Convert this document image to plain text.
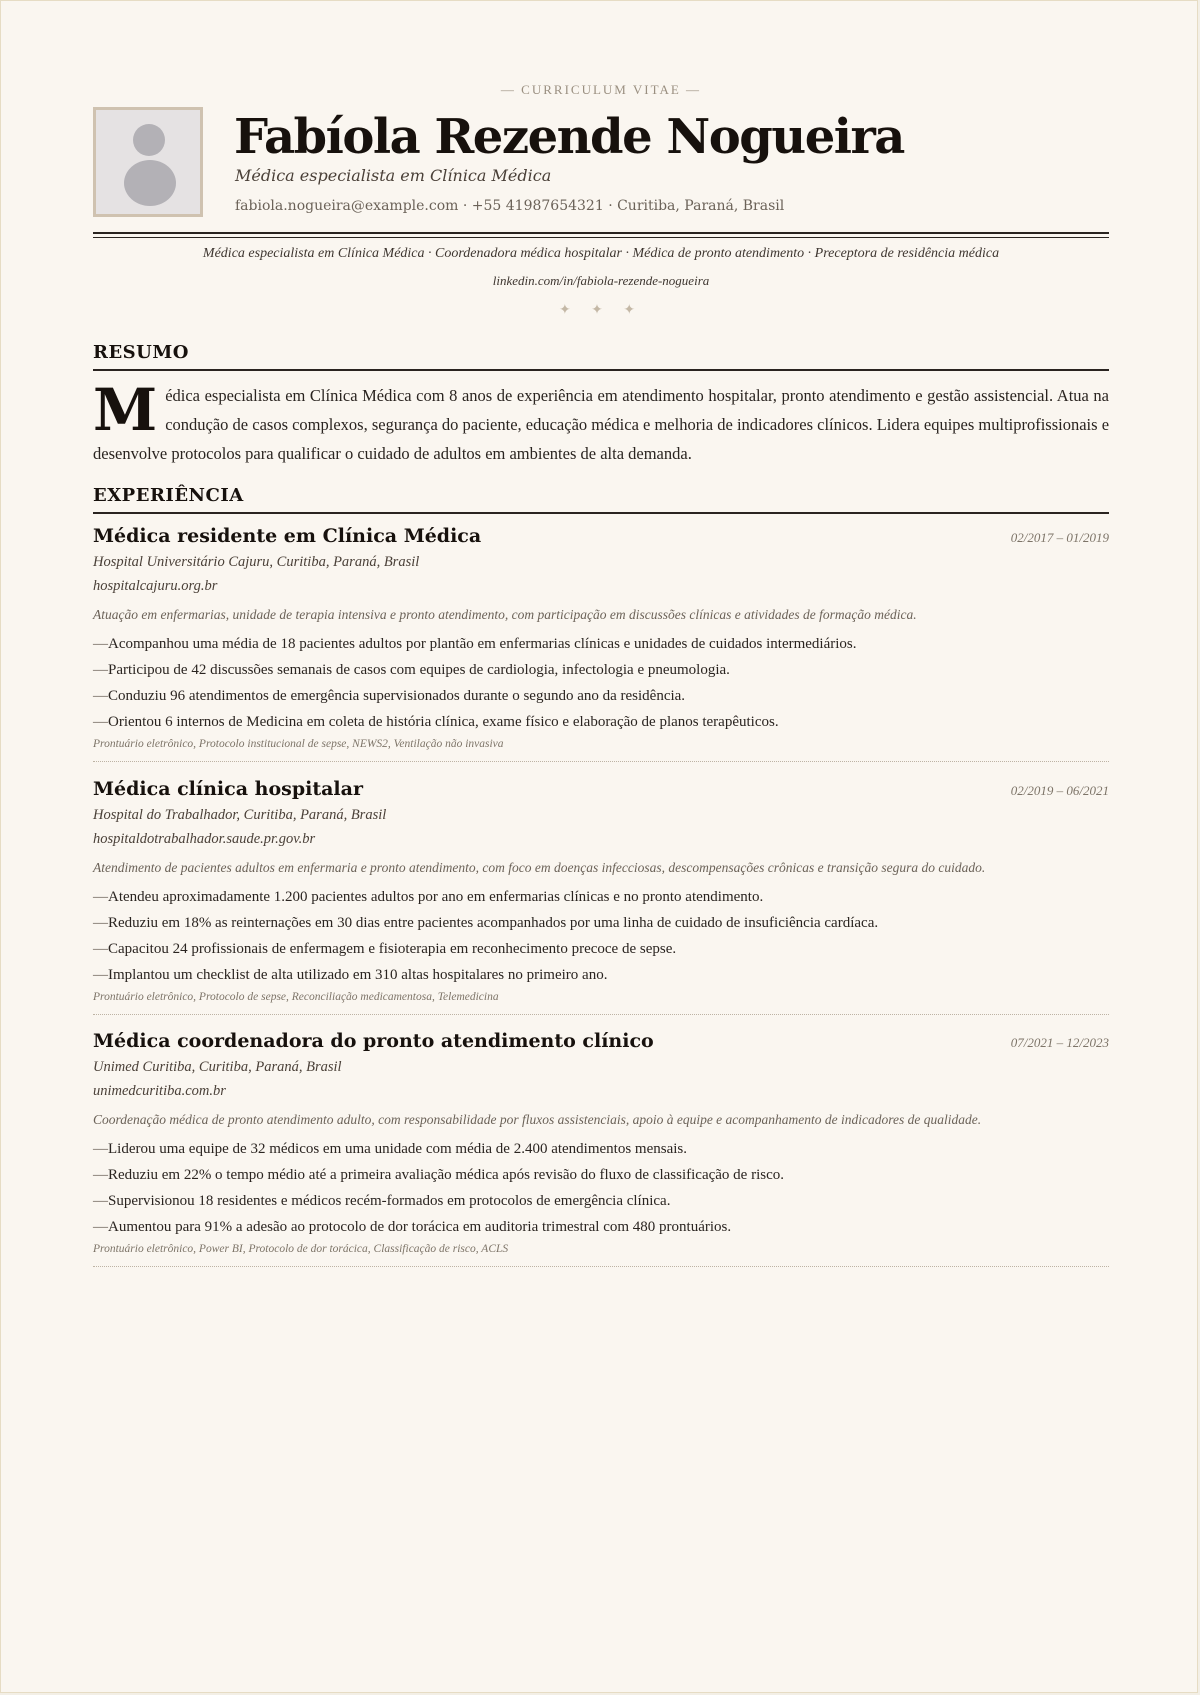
— CURRICULUM VITAE —
Fabíola Rezende Nogueira
Médica especialista em Clínica Médica
fabiola.nogueira@example.com · +55 41987654321 · Curitiba, Paraná, Brasil
Médica especialista em Clínica Médica · Coordenadora médica hospitalar · Médica de pronto atendimento · Preceptora de residência médica
linkedin.com/in/fabiola-rezende-nogueira
✦ ✦ ✦
RESUMO
Médica especialista em Clínica Médica com 8 anos de experiência em atendimento hospitalar, pronto atendimento e gestão assistencial. Atua na condução de casos complexos, segurança do paciente, educação médica e melhoria de indicadores clínicos. Lidera equipes multiprofissionais e desenvolve protocolos para qualificar o cuidado de adultos em ambientes de alta demanda.
EXPERIÊNCIA
Médica residente em Clínica Médica	02/2017 – 01/2019
Hospital Universitário Cajuru, Curitiba, Paraná, Brasil
hospitalcajuru.org.br
Atuação em enfermarias, unidade de terapia intensiva e pronto atendimento, com participação em discussões clínicas e atividades de formação médica.
—Acompanhou uma média de 18 pacientes adultos por plantão em enfermarias clínicas e unidades de cuidados intermediários.
—Participou de 42 discussões semanais de casos com equipes de cardiologia, infectologia e pneumologia.
—Conduziu 96 atendimentos de emergência supervisionados durante o segundo ano da residência.
—Orientou 6 internos de Medicina em coleta de história clínica, exame físico e elaboração de planos terapêuticos.
Prontuário eletrônico, Protocolo institucional de sepse, NEWS2, Ventilação não invasiva
Médica clínica hospitalar	02/2019 – 06/2021
Hospital do Trabalhador, Curitiba, Paraná, Brasil
hospitaldotrabalhador.saude.pr.gov.br
Atendimento de pacientes adultos em enfermaria e pronto atendimento, com foco em doenças infecciosas, descompensações crônicas e transição segura do cuidado.
—Atendeu aproximadamente 1.200 pacientes adultos por ano em enfermarias clínicas e no pronto atendimento.
—Reduziu em 18% as reinternações em 30 dias entre pacientes acompanhados por uma linha de cuidado de insuficiência cardíaca.
—Capacitou 24 profissionais de enfermagem e fisioterapia em reconhecimento precoce de sepse.
—Implantou um checklist de alta utilizado em 310 altas hospitalares no primeiro ano.
Prontuário eletrônico, Protocolo de sepse, Reconciliação medicamentosa, Telemedicina
Médica coordenadora do pronto atendimento clínico	07/2021 – 12/2023
Unimed Curitiba, Curitiba, Paraná, Brasil
unimedcuritiba.com.br
Coordenação médica de pronto atendimento adulto, com responsabilidade por fluxos assistenciais, apoio à equipe e acompanhamento de indicadores de qualidade.
—Liderou uma equipe de 32 médicos em uma unidade com média de 2.400 atendimentos mensais.
—Reduziu em 22% o tempo médio até a primeira avaliação médica após revisão do fluxo de classificação de risco.
—Supervisionou 18 residentes e médicos recém-formados em protocolos de emergência clínica.
—Aumentou para 91% a adesão ao protocolo de dor torácica em auditoria trimestral com 480 prontuários.
Prontuário eletrônico, Power BI, Protocolo de dor torácica, Classificação de risco, ACLS
